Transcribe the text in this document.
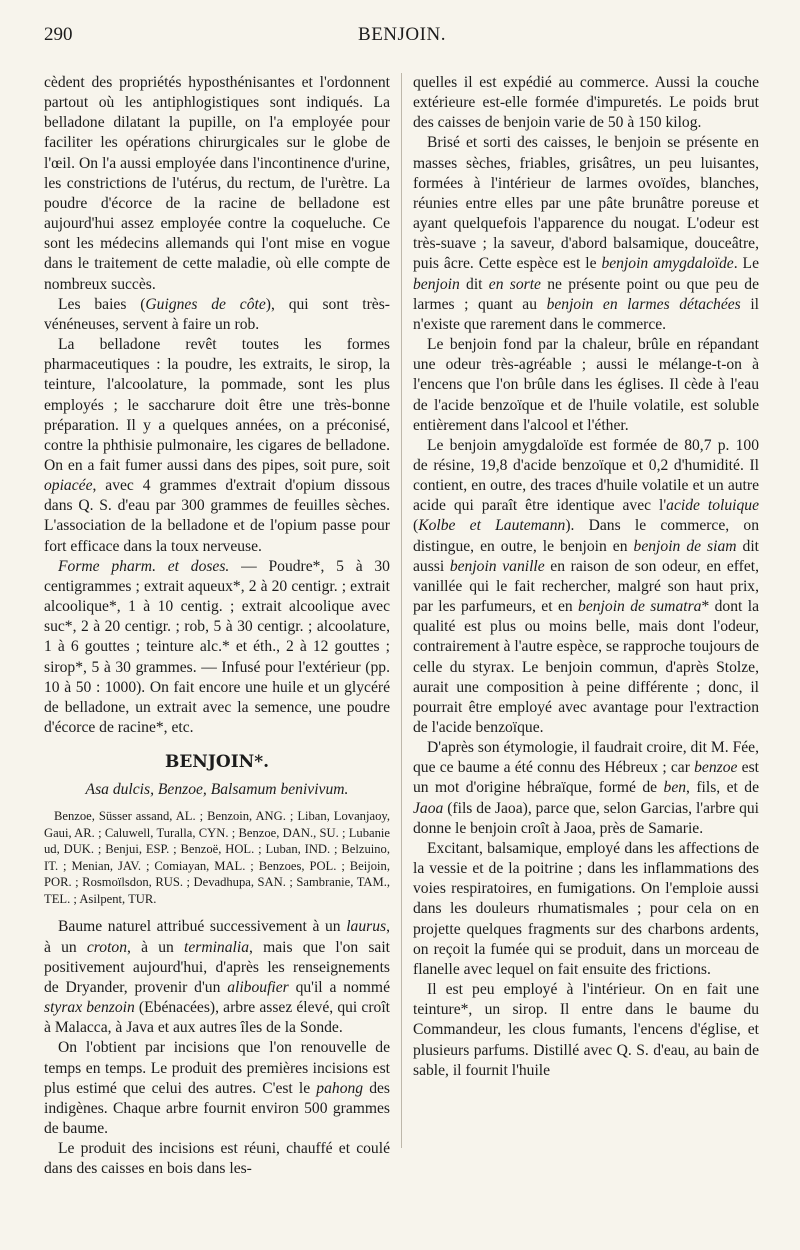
290	BENJOIN.

cèdent des propriétés hyposthénisantes et l'ordonnent partout où les antiphlogistiques sont indiqués. La belladone dilatant la pupille, on l'a employée pour faciliter les opérations chirurgicales sur le globe de l'œil. On l'a aussi employée dans l'incontinence d'urine, les constrictions de l'utérus, du rectum, de l'urètre. La poudre d'écorce de la racine de belladone est aujourd'hui assez employée contre la coqueluche. Ce sont les médecins allemands qui l'ont mise en vogue dans le traitement de cette maladie, où elle compte de nombreux succès.

Les baies (Guignes de côte), qui sont très-vénéneuses, servent à faire un rob.

La belladone revêt toutes les formes pharmaceutiques : la poudre, les extraits, le sirop, la teinture, l'alcoolature, la pommade, sont les plus employés ; le saccharure doit être une très-bonne préparation. Il y a quelques années, on a préconisé, contre la phthisie pulmonaire, les cigares de belladone. On en a fait fumer aussi dans des pipes, soit pure, soit opiacée, avec 4 grammes d'extrait d'opium dissous dans Q. S. d'eau par 300 grammes de feuilles sèches. L'association de la belladone et de l'opium passe pour fort efficace dans la toux nerveuse.

Forme pharm. et doses. — Poudre*, 5 à 30 centigrammes ; extrait aqueux*, 2 à 20 centigr. ; extrait alcoolique*, 1 à 10 centig. ; extrait alcoolique avec suc*, 2 à 20 centigr. ; rob, 5 à 30 centigr. ; alcoolature, 1 à 6 gouttes ; teinture alc.* et éth., 2 à 12 gouttes ; sirop*, 5 à 30 grammes. — Infusé pour l'extérieur (pp. 10 à 50 : 1000). On fait encore une huile et un glycéré de belladone, un extrait avec la semence, une poudre d'écorce de racine*, etc.

BENJOIN*.

Asa dulcis, Benzoe, Balsamum benivivum.

Benzoe, Süsser assand, AL. ; Benzoin, ANG. ; Liban, Lovanjaoy, Gaui, AR. ; Caluwell, Turalla, CYN. ; Benzoe, DAN., SU. ; Lubanie ud, DUK. ; Benjui, ESP. ; Benzoë, HOL. ; Luban, IND. ; Belzuino, IT. ; Menian, JAV. ; Comiayan, MAL. ; Benzoes, POL. ; Beijoin, POR. ; Rosmoïlsdon, RUS. ; Devadhupa, SAN. ; Sambranie, TAM., TEL. ; Asilpent, TUR.

Baume naturel attribué successivement à un laurus, à un croton, à un terminalia, mais que l'on sait positivement aujourd'hui, d'après les renseignements de Dryander, provenir d'un aliboufier qu'il a nommé styrax benzoin (Ebénacées), arbre assez élevé, qui croît à Malacca, à Java et aux autres îles de la Sonde.

On l'obtient par incisions que l'on renouvelle de temps en temps. Le produit des premières incisions est plus estimé que celui des autres. C'est le pahong des indigènes. Chaque arbre fournit environ 500 grammes de baume.

Le produit des incisions est réuni, chauffé et coulé dans des caisses en bois dans les-

quelles il est expédié au commerce. Aussi la couche extérieure est-elle formée d'impuretés. Le poids brut des caisses de benjoin varie de 50 à 150 kilog.

Brisé et sorti des caisses, le benjoin se présente en masses sèches, friables, grisâtres, un peu luisantes, formées à l'intérieur de larmes ovoïdes, blanches, réunies entre elles par une pâte brunâtre poreuse et ayant quelquefois l'apparence du nougat. L'odeur est très-suave ; la saveur, d'abord balsamique, douceâtre, puis âcre. Cette espèce est le benjoin amygdaloïde. Le benjoin dit en sorte ne présente point ou que peu de larmes ; quant au benjoin en larmes détachées il n'existe que rarement dans le commerce.

Le benjoin fond par la chaleur, brûle en répandant une odeur très-agréable ; aussi le mélange-t-on à l'encens que l'on brûle dans les églises. Il cède à l'eau de l'acide benzoïque et de l'huile volatile, est soluble entièrement dans l'alcool et l'éther.

Le benjoin amygdaloïde est formée de 80,7 p. 100 de résine, 19,8 d'acide benzoïque et 0,2 d'humidité. Il contient, en outre, des traces d'huile volatile et un autre acide qui paraît être identique avec l'acide toluique (Kolbe et Lautemann). Dans le commerce, on distingue, en outre, le benjoin en benjoin de siam dit aussi benjoin vanille en raison de son odeur, en effet, vanillée qui le fait rechercher, malgré son haut prix, par les parfumeurs, et en benjoin de sumatra* dont la qualité est plus ou moins belle, mais dont l'odeur, contrairement à l'autre espèce, se rapproche toujours de celle du styrax. Le benjoin commun, d'après Stolze, aurait une composition à peine différente ; donc, il pourrait être employé avec avantage pour l'extraction de l'acide benzoïque.

D'après son étymologie, il faudrait croire, dit M. Fée, que ce baume a été connu des Hébreux ; car benzoe est un mot d'origine hébraïque, formé de ben, fils, et de Jaoa (fils de Jaoa), parce que, selon Garcias, l'arbre qui donne le benjoin croît à Jaoa, près de Samarie.

Excitant, balsamique, employé dans les affections de la vessie et de la poitrine ; dans les inflammations des voies respiratoires, en fumigations. On l'emploie aussi dans les douleurs rhumatismales ; pour cela on en projette quelques fragments sur des charbons ardents, on reçoit la fumée qui se produit, dans un morceau de flanelle avec lequel on fait ensuite des frictions.

Il est peu employé à l'intérieur. On en fait une teinture*, un sirop. Il entre dans le baume du Commandeur, les clous fumants, l'encens d'église, et plusieurs parfums. Distillé avec Q. S. d'eau, au bain de sable, il fournit l'huile
